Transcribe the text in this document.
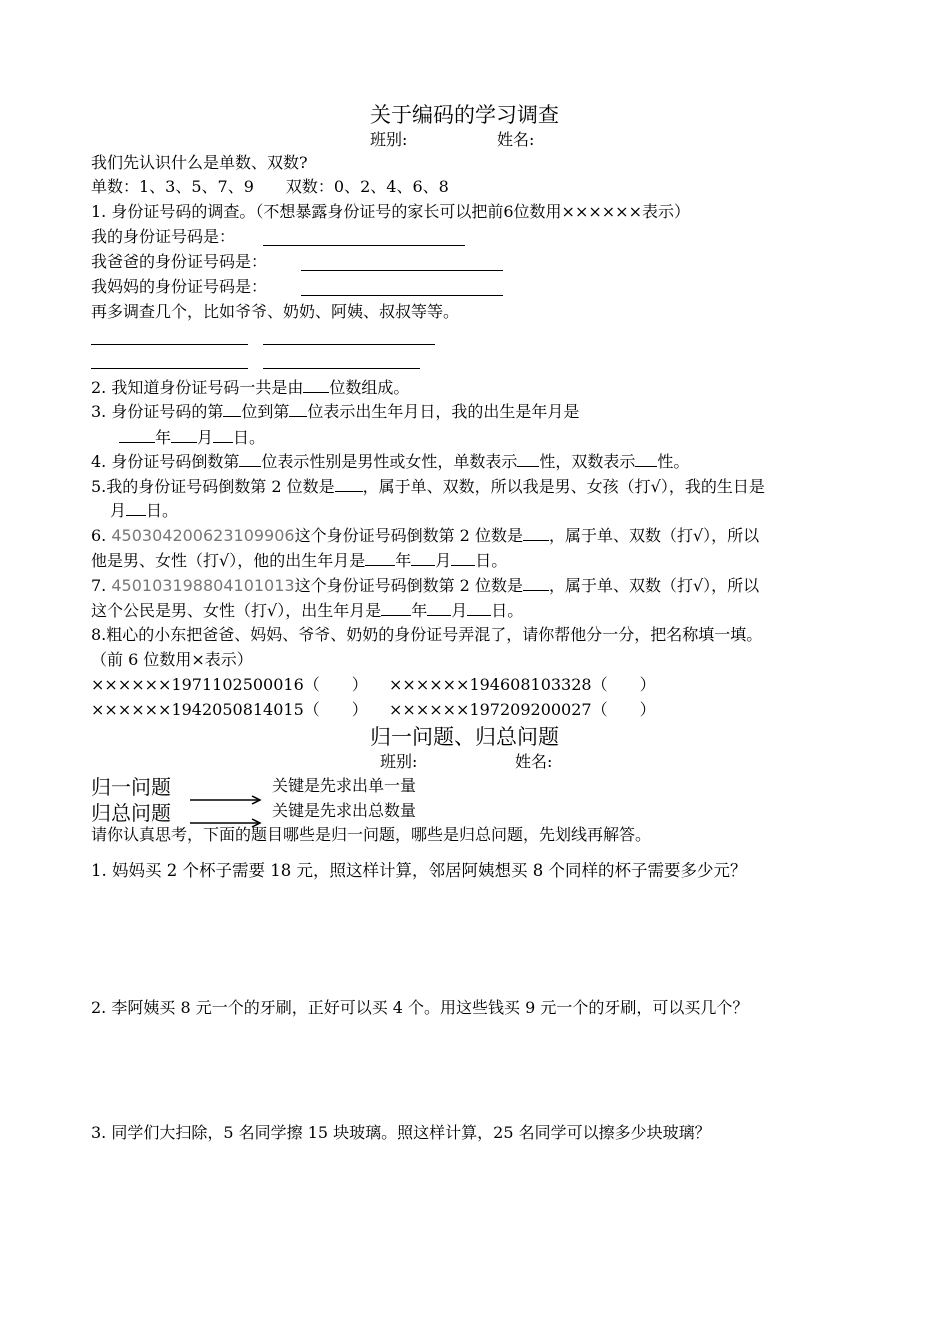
关于编码的学习调查
班别:	姓名:
我们先认识什么是单数、双数?
单数：1、3、5、7、9　　双数：0、2、4、6、8
1. 身份证号码的调查。（不想暴露身份证号的家长可以把前6位数用××××××表示）
我的身份证号码是：
我爸爸的身份证号码是：
我妈妈的身份证号码是：
再多调查几个，比如爷爷、奶奶、阿姨、叔叔等等。
2. 我知道身份证号码一共是由 位数组成。
3. 身份证号码的第 位到第 位表示出生年月日，我的出生是年月是
年 月 日。
4. 身份证号码倒数第 位表示性别是男性或女性，单数表示 性，双数表示 性。
5.我的身份证号码倒数第 2 位数是 ，属于单、双数，所以我是男、女孩（打√），我的生日是
月 日。
6. 450304200623109906这个身份证号码倒数第 2 位数是 ，属于单、双数（打√），所以
他是男、女性（打√），他的出生年月是 年 月 日。
7. 450103198804101013这个身份证号码倒数第 2 位数是 ，属于单、双数（打√），所以
这个公民是男、女性（打√），出生年月是 年 月 日。
8.粗心的小东把爸爸、妈妈、爷爷、奶奶的身份证号弄混了，请你帮他分一分，把名称填一填。
（前 6 位数用×表示）
××××××1971102500016（　　） ××××××194608103328（　　）
××××××1942050814015（　　） ××××××197209200027（　　）
归一问题、归总问题
班别:	姓名:
归一问题
归总问题
关键是先求出单一量
关键是先求出总数量
请你认真思考，下面的题目哪些是归一问题，哪些是归总问题，先划线再解答。
1. 妈妈买 2 个杯子需要 18 元，照这样计算，邻居阿姨想买 8 个同样的杯子需要多少元？
2. 李阿姨买 8 元一个的牙刷，正好可以买 4 个。用这些钱买 9 元一个的牙刷，可以买几个？
3. 同学们大扫除，5 名同学擦 15 块玻璃。照这样计算，25 名同学可以擦多少块玻璃？
